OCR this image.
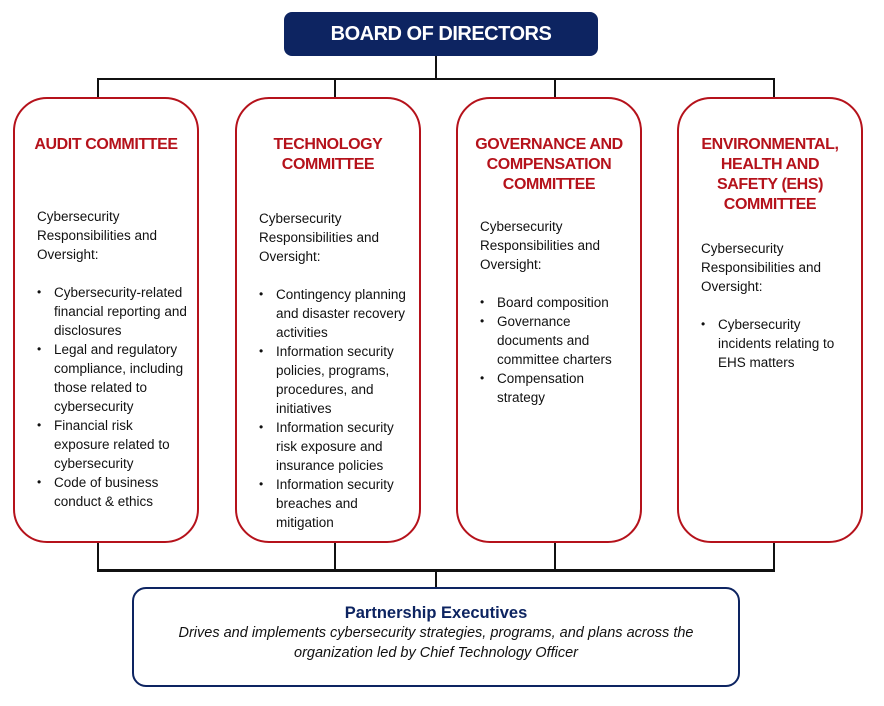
BOARD OF DIRECTORS
AUDIT COMMITTEE
Cybersecurity Responsibilities and Oversight:
• Cybersecurity-related financial reporting and disclosures
• Legal and regulatory compliance, including those related to cybersecurity
• Financial risk exposure related to cybersecurity
• Code of business conduct & ethics
TECHNOLOGY COMMITTEE
Cybersecurity Responsibilities and Oversight:
• Contingency planning and disaster recovery activities
• Information security policies, programs, procedures, and initiatives
• Information security risk exposure and insurance policies
• Information security breaches and mitigation
GOVERNANCE AND COMPENSATION COMMITTEE
Cybersecurity Responsibilities and Oversight:
• Board composition
• Governance documents and committee charters
• Compensation strategy
ENVIRONMENTAL, HEALTH AND SAFETY (EHS) COMMITTEE
Cybersecurity Responsibilities and Oversight:
• Cybersecurity incidents relating to EHS matters
Partnership Executives
Drives and implements cybersecurity strategies, programs, and plans across the organization led by Chief Technology Officer
